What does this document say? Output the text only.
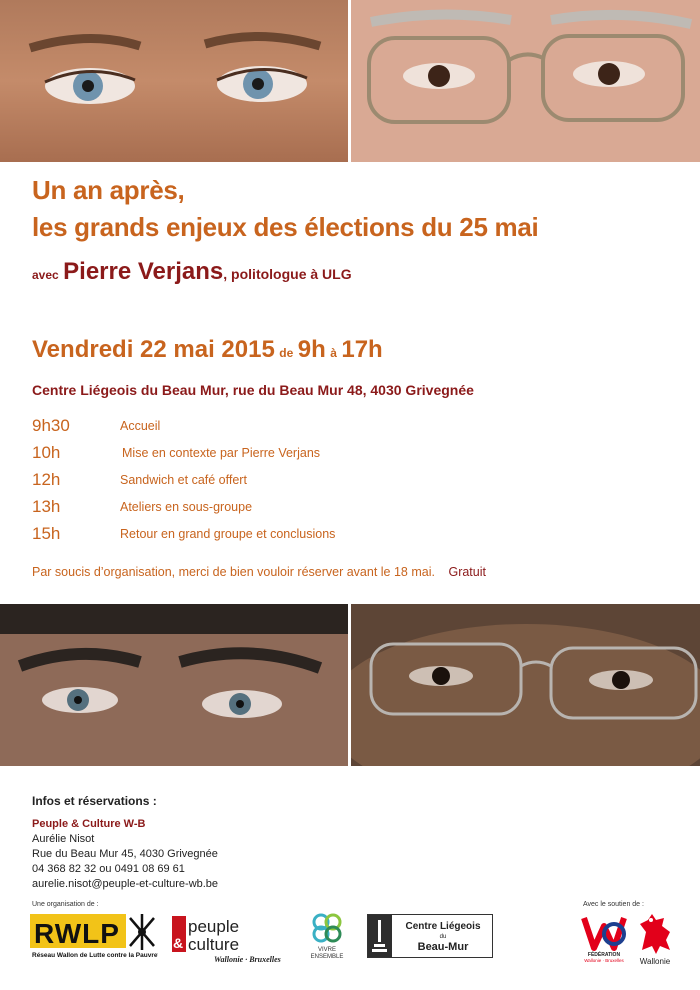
Un an après,
les grands enjeux des élections du 25 mai
avec Pierre Verjans, politologue à ULG
Vendredi 22 mai 2015 de 9h à 17h
Centre Liégeois du Beau Mur, rue du Beau Mur 48, 4030 Grivegnée
9h30	Accueil
10h	Mise en contexte par Pierre Verjans
12h	Sandwich et café offert
13h	Ateliers en sous-groupe
15h	Retour en grand groupe et conclusions
Par soucis d’organisation, merci de bien vouloir réserver avant le 18 mai. Gratuit
Infos et réservations :
Peuple & Culture W-B
Aurélie Nisot
Rue du Beau Mur 45, 4030 Grivegnée
04 368 82 32 ou 0491 08 69 61
aurelie.nisot@peuple-et-culture-wb.be
Une organisation de :	Avec le soutien de :
RWLP
Réseau Wallon de Lutte contre la Pauvreté
&
peuple
culture
Wallonie · Bruxelles
VIVRE
ENSEMBLE
Centre Liégeois
du
Beau-Mur
FÉDÉRATION
Wallonie · Bruxelles Wallonie
